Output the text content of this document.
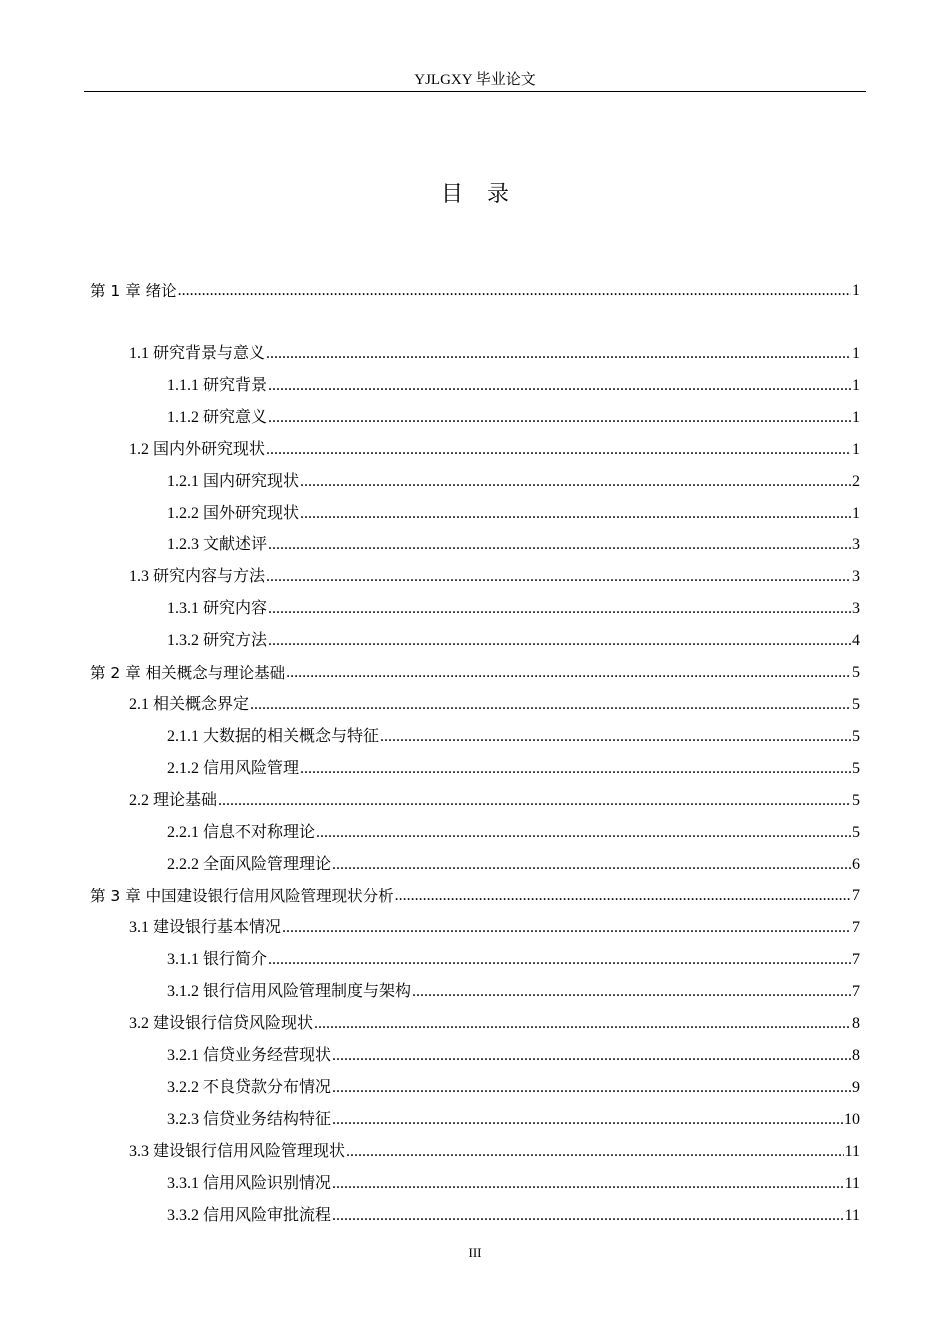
YJLGXY 毕业论文
目录
第 1 章 绪论 .....	1
1.1 研究背景与意义 .....	1
1.1.1 研究背景 .....	1
1.1.2 研究意义 .....	1
1.2 国内外研究现状 .....	1
1.2.1 国内研究现状 .....	2
1.2.2 国外研究现状 .....	1
1.2.3 文献述评 .....	3
1.3 研究内容与方法 .....	3
1.3.1 研究内容 .....	3
1.3.2 研究方法 .....	4
第 2 章 相关概念与理论基础 .....	5
2.1 相关概念界定 .....	5
2.1.1 大数据的相关概念与特征 .....	5
2.1.2 信用风险管理 .....	5
2.2 理论基础 .....	5
2.2.1 信息不对称理论 .....	5
2.2.2 全面风险管理理论 .....	6
第 3 章 中国建设银行信用风险管理现状分析 .....	7
3.1 建设银行基本情况 .....	7
3.1.1 银行简介 .....	7
3.1.2 银行信用风险管理制度与架构 .....	7
3.2 建设银行信贷风险现状 .....	8
3.2.1 信贷业务经营现状 .....	8
3.2.2 不良贷款分布情况 .....	9
3.2.3 信贷业务结构特征 .....	10
3.3 建设银行信用风险管理现状 .....	11
3.3.1 信用风险识别情况 .....	11
3.3.2 信用风险审批流程 .....	11
III
